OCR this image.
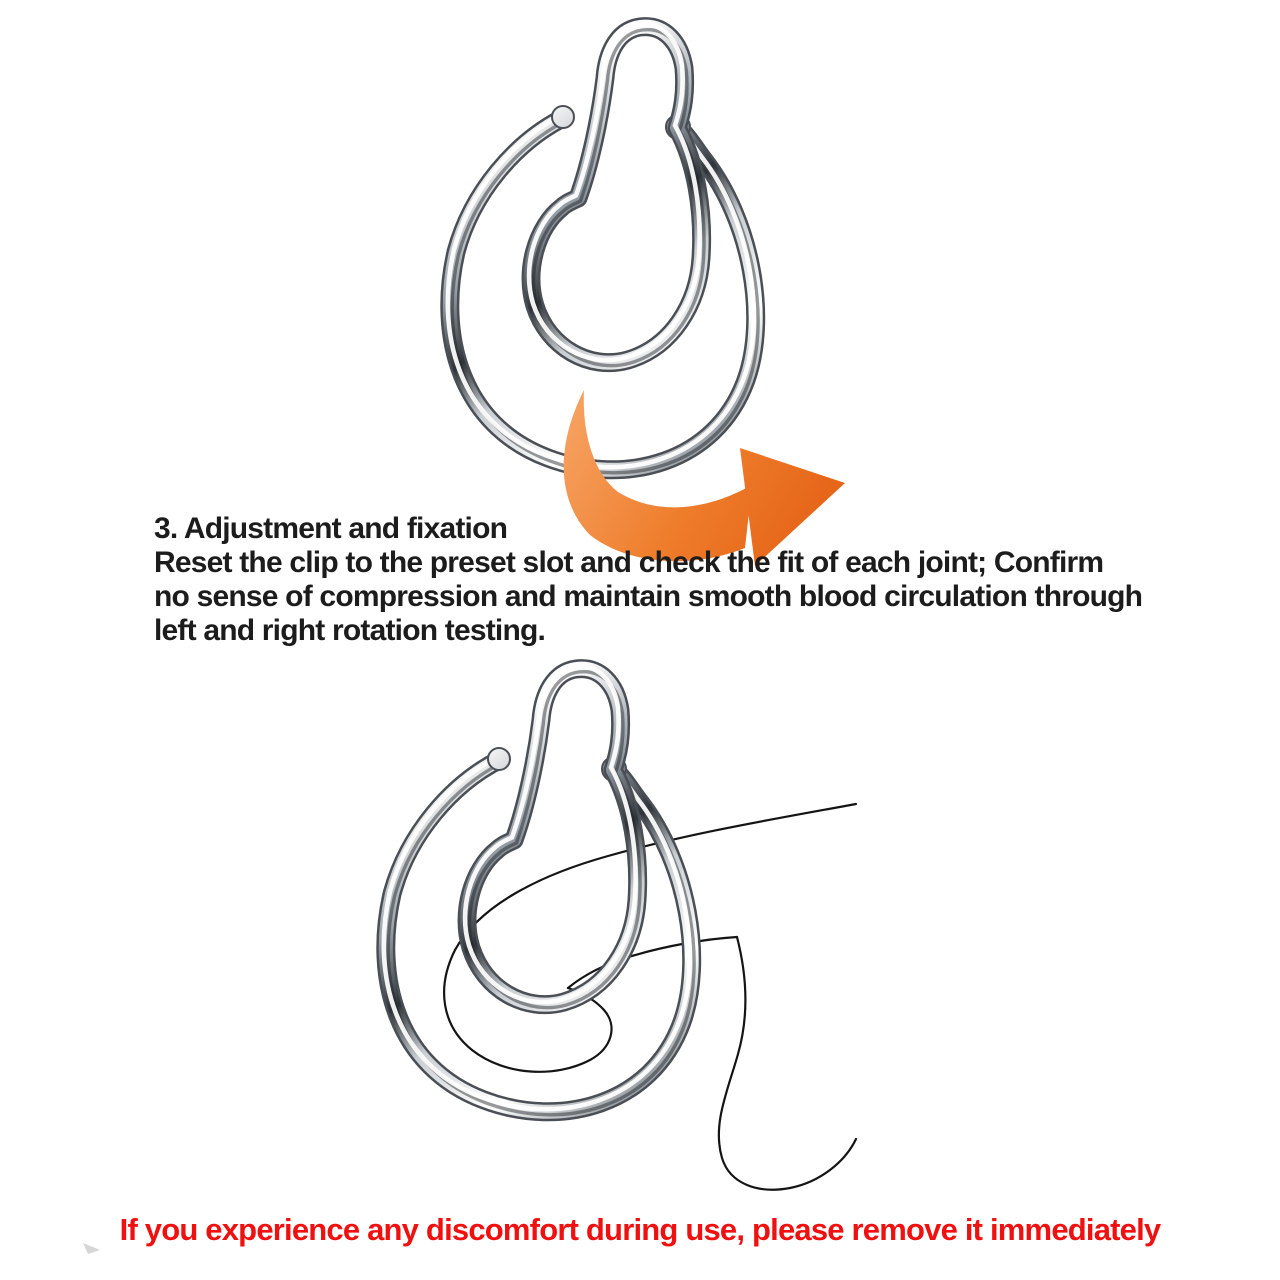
3. Adjustment and fixation
Reset the clip to the preset slot and check the fit of each joint; Confirm
no sense of compression and maintain smooth blood circulation through
left and right rotation testing.
If you experience any discomfort during use, please remove it immediately
